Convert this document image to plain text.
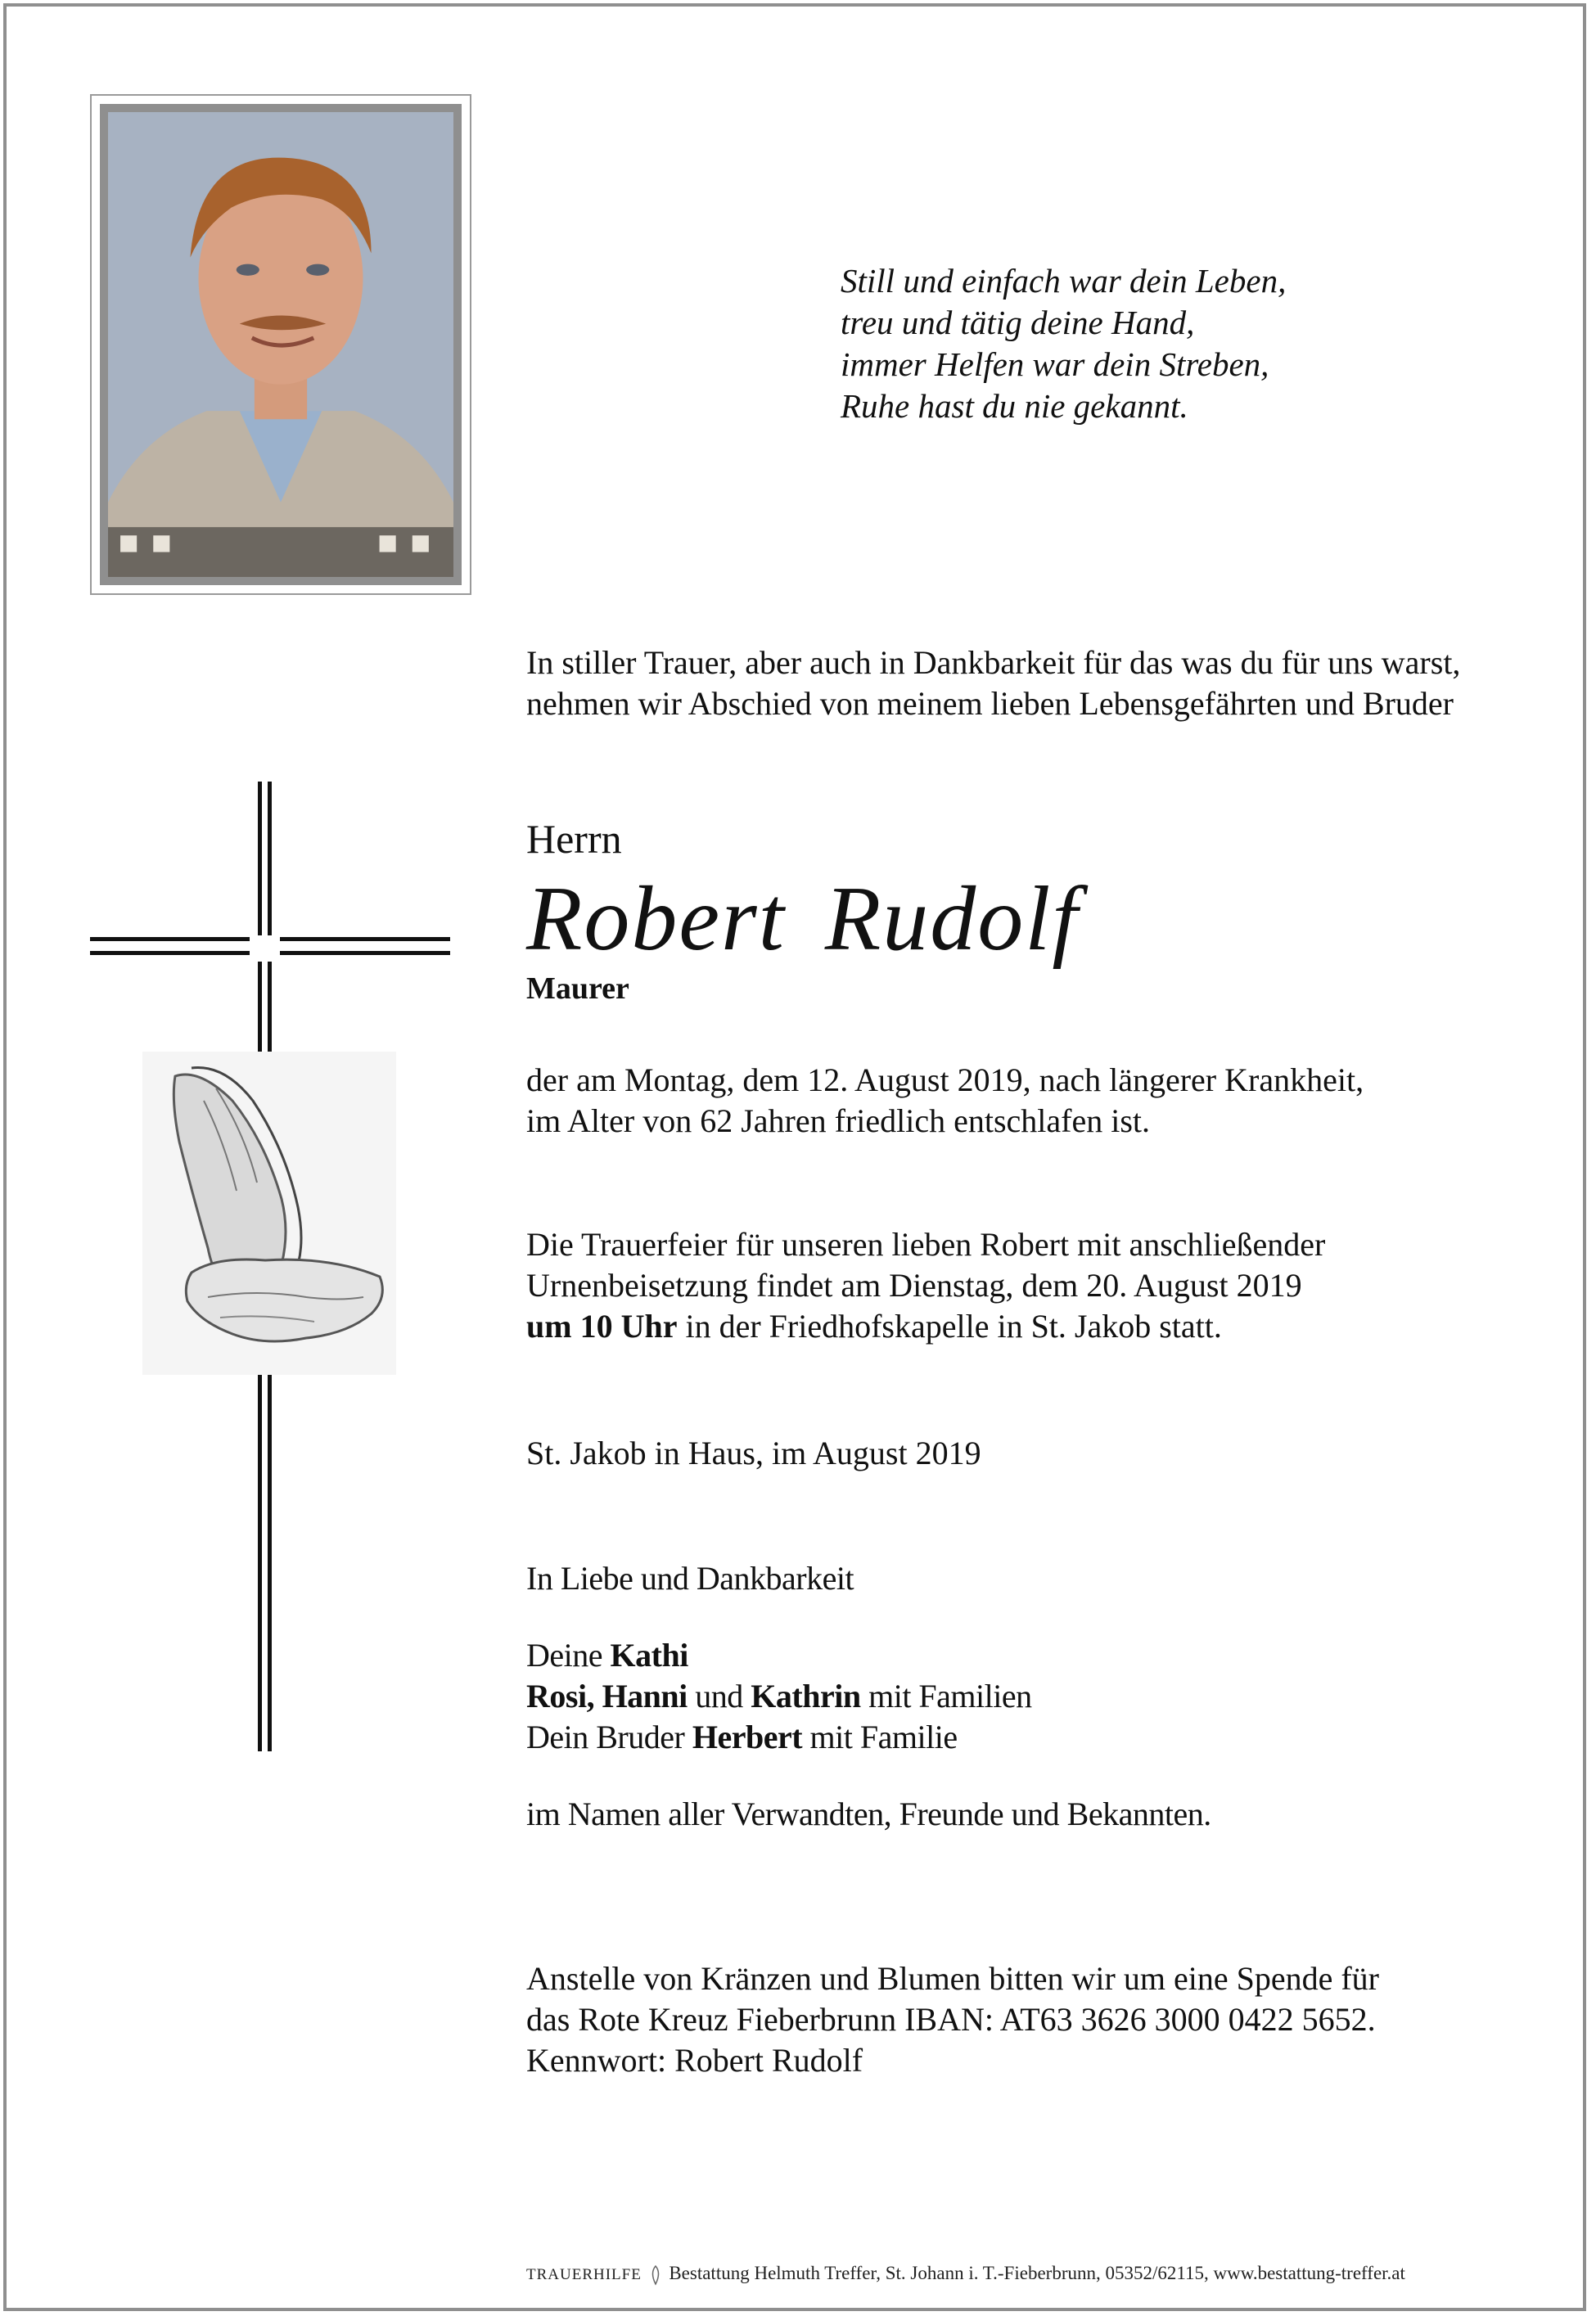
Still und einfach war dein Leben,
treu und tätig deine Hand,
immer Helfen war dein Streben,
Ruhe hast du nie gekannt.
In stiller Trauer, aber auch in Dankbarkeit für das was du für uns warst, nehmen wir Abschied von meinem lieben Lebensgefährten und Bruder
Herrn
Robert Rudolf
Maurer
der am Montag, dem 12. August 2019, nach längerer Krankheit,
im Alter von 62 Jahren friedlich entschlafen ist.
Die Trauerfeier für unseren lieben Robert mit anschließender
Urnenbeisetzung findet am Dienstag, dem 20. August 2019
um 10 Uhr in der Friedhofskapelle in St. Jakob statt.
St. Jakob in Haus, im August 2019
In Liebe und Dankbarkeit
Deine Kathi
Rosi, Hanni und Kathrin mit Familien
Dein Bruder Herbert mit Familie
im Namen aller Verwandten, Freunde und Bekannten.
Anstelle von Kränzen und Blumen bitten wir um eine Spende für
das Rote Kreuz Fieberbrunn IBAN: AT63 3626 3000 0422 5652.
Kennwort: Robert Rudolf
TRAUERHILFE Bestattung Helmuth Treffer, St. Johann i. T.-Fieberbrunn, 05352/62115, www.bestattung-treffer.at
